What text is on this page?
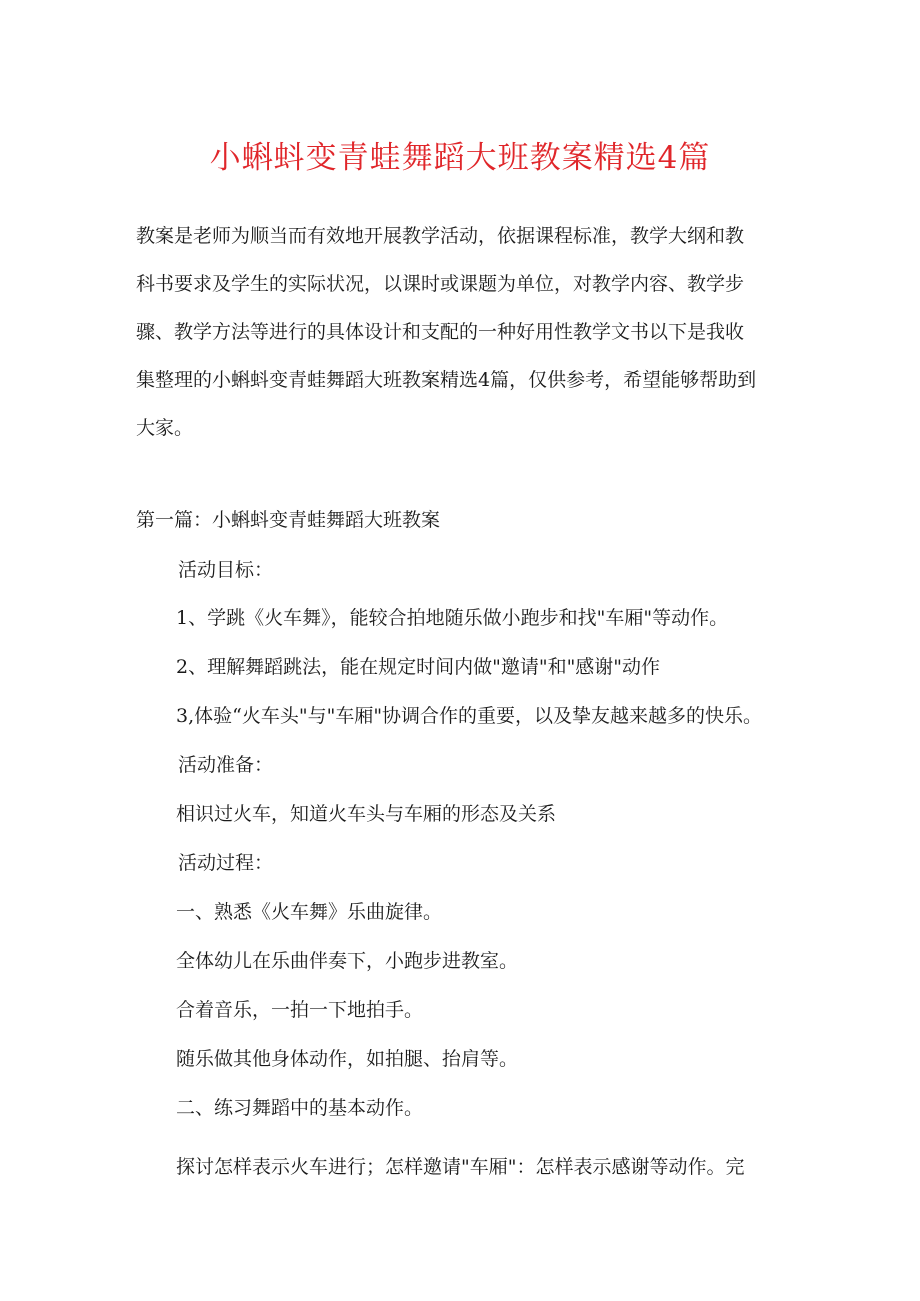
小蝌蚪变青蛙舞蹈大班教案精选4篇

教案是老师为顺当而有效地开展教学活动，依据课程标准，教学大纲和教

科书要求及学生的实际状况，以课时或课题为单位，对教学内容、教学步

骤、教学方法等进行的具体设计和支配的一种好用性教学文书以下是我收

集整理的小蝌蚪变青蛙舞蹈大班教案精选4篇，仅供参考，希望能够帮助到

大家。

第一篇：小蝌蚪变青蛙舞蹈大班教案
活动目标：
1、学跳《火车舞》，能较合拍地随乐做小跑步和找"车厢"等动作。
2、理解舞蹈跳法，能在规定时间内做"邀请"和"感谢"动作
3,体验“火车头"与"车厢"协调合作的重要，以及挚友越来越多的快乐。
活动准备：
相识过火车，知道火车头与车厢的形态及关系
活动过程：
一、熟悉《火车舞》乐曲旋律。
全体幼儿在乐曲伴奏下，小跑步进教室。
合着音乐，一拍一下地拍手。
随乐做其他身体动作，如拍腿、抬肩等。
二、练习舞蹈中的基本动作。
探讨怎样表示火车进行；怎样邀请"车厢"：怎样表示感谢等动作。完
